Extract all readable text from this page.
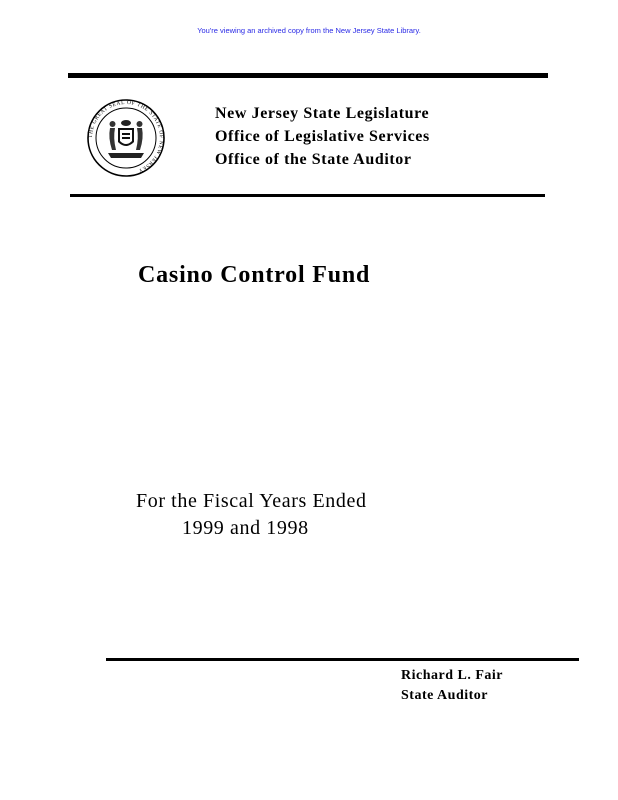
You're viewing an archived copy from the New Jersey State Library.
THE GREAT SEAL OF THE STATE OF NEW JERSEY
New Jersey State Legislature
Office of Legislative Services
Office of the State Auditor
Casino Control Fund
For the Fiscal Years Ended
1999 and 1998
Richard L. Fair
State Auditor
